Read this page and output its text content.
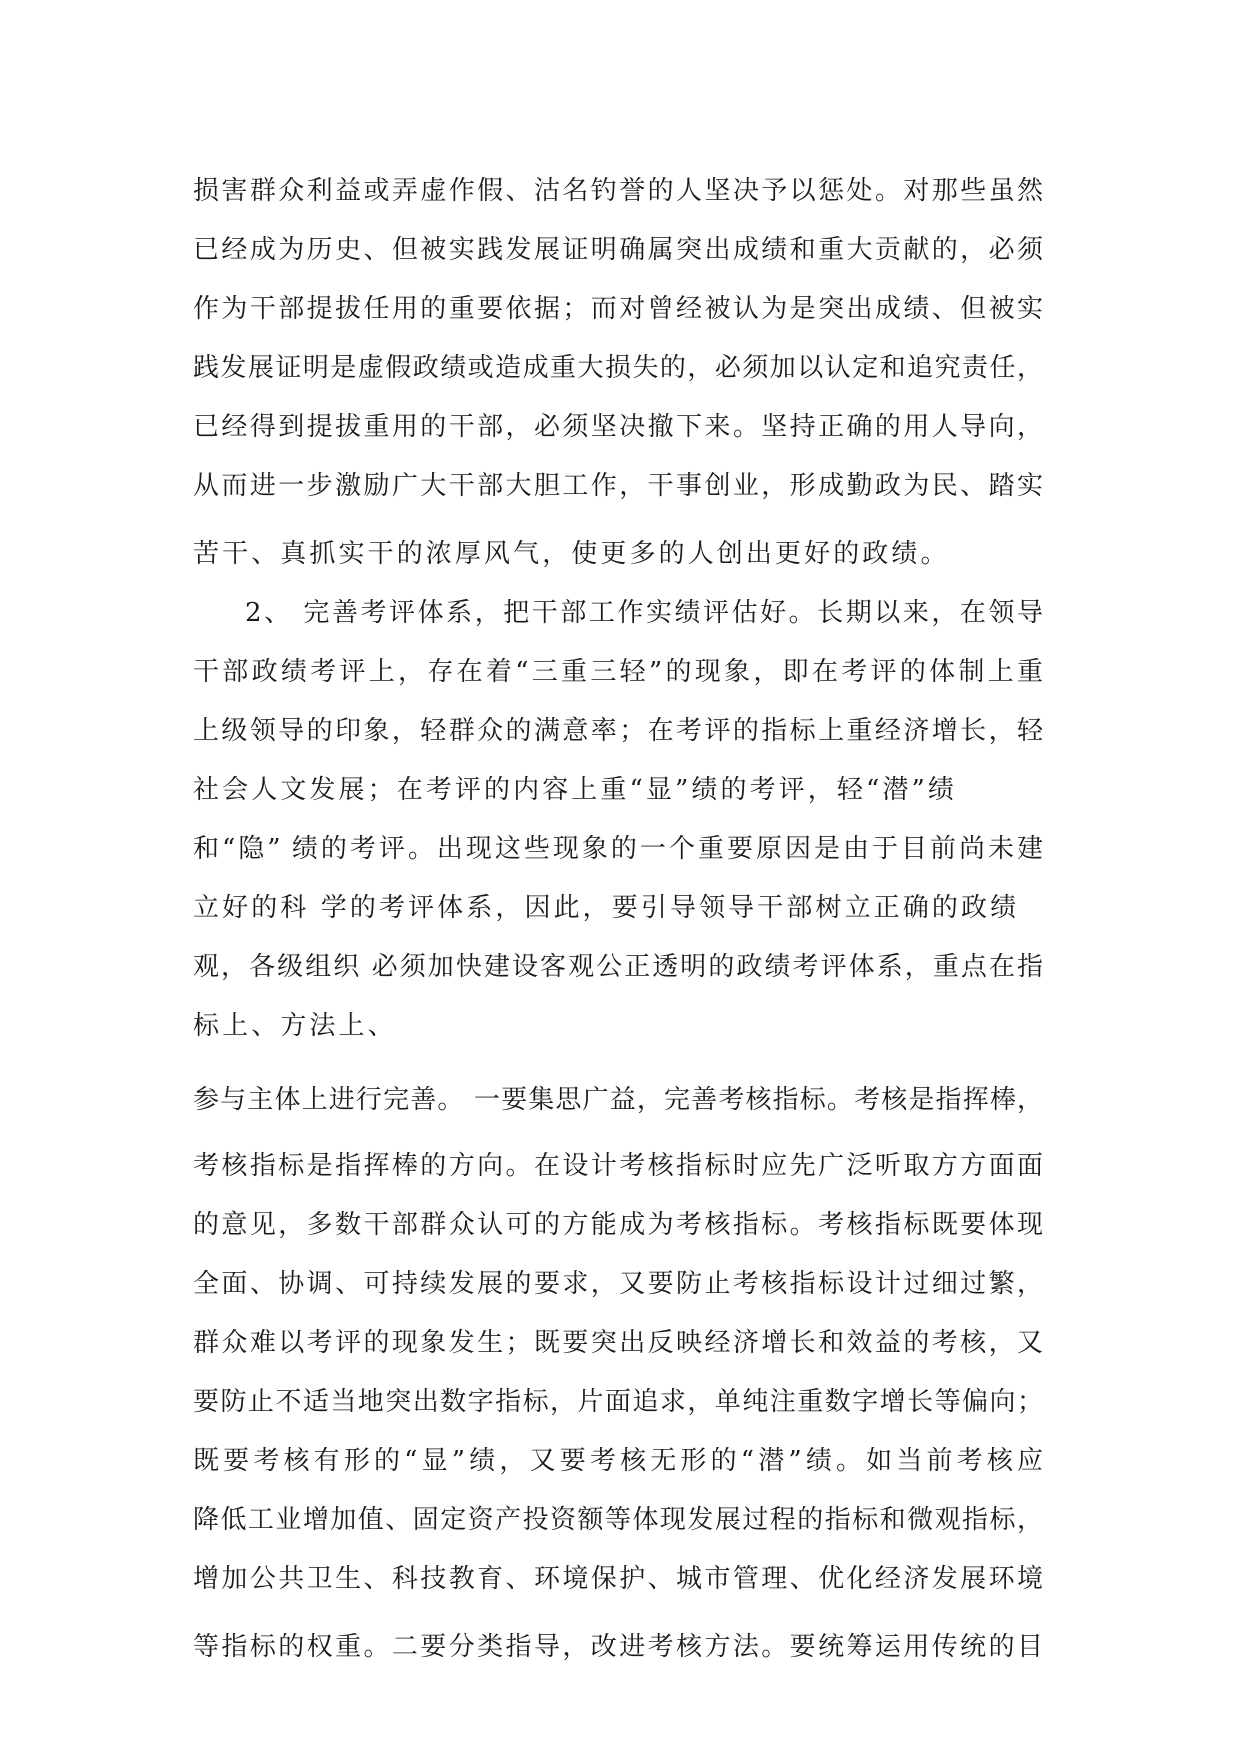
损害群众利益或弄虚作假、沽名钓誉的人坚决予以惩处。对那些虽然
已经成为历史、但被实践发展证明确属突出成绩和重大贡献的，必须
作为干部提拔任用的重要依据；而对曾经被认为是突出成绩、但被实
践发展证明是虚假政绩或造成重大损失的，必须加以认定和追究责任，
已经得到提拔重用的干部，必须坚决撤下来。坚持正确的用人导向，
从而进一步激励广大干部大胆工作，干事创业，形成勤政为民、踏实
苦干、真抓实干的浓厚风气，使更多的人创出更好的政绩。
2、 完善考评体系，把干部工作实绩评估好。长期以来，在领导
干部政绩考评上，存在着“三重三轻”的现象，即在考评的体制上重
上级领导的印象，轻群众的满意率；在考评的指标上重经济增长，轻
社会人文发展；在考评的内容上重“显”绩的考评，轻“潜”绩
和“隐” 绩的考评。出现这些现象的一个重要原因是由于目前尚未建
立好的科 学的考评体系，因此，要引导领导干部树立正确的政绩
观，各级组织 必须加快建设客观公正透明的政绩考评体系，重点在指
标上、方法上、
参与主体上进行完善。 一要集思广益，完善考核指标。考核是指挥棒，
考核指标是指挥棒的方向。在设计考核指标时应先广泛听取方方面面
的意见，多数干部群众认可的方能成为考核指标。考核指标既要体现
全面、协调、可持续发展的要求，又要防止考核指标设计过细过繁，
群众难以考评的现象发生；既要突出反映经济增长和效益的考核，又
要防止不适当地突出数字指标，片面追求，单纯注重数字增长等偏向；
既要考核有形的“显”绩，又要考核无形的“潜”绩。如当前考核应
降低工业增加值、固定资产投资额等体现发展过程的指标和微观指标，
增加公共卫生、科技教育、环境保护、城市管理、优化经济发展环境
等指标的权重。二要分类指导，改进考核方法。要统筹运用传统的目
